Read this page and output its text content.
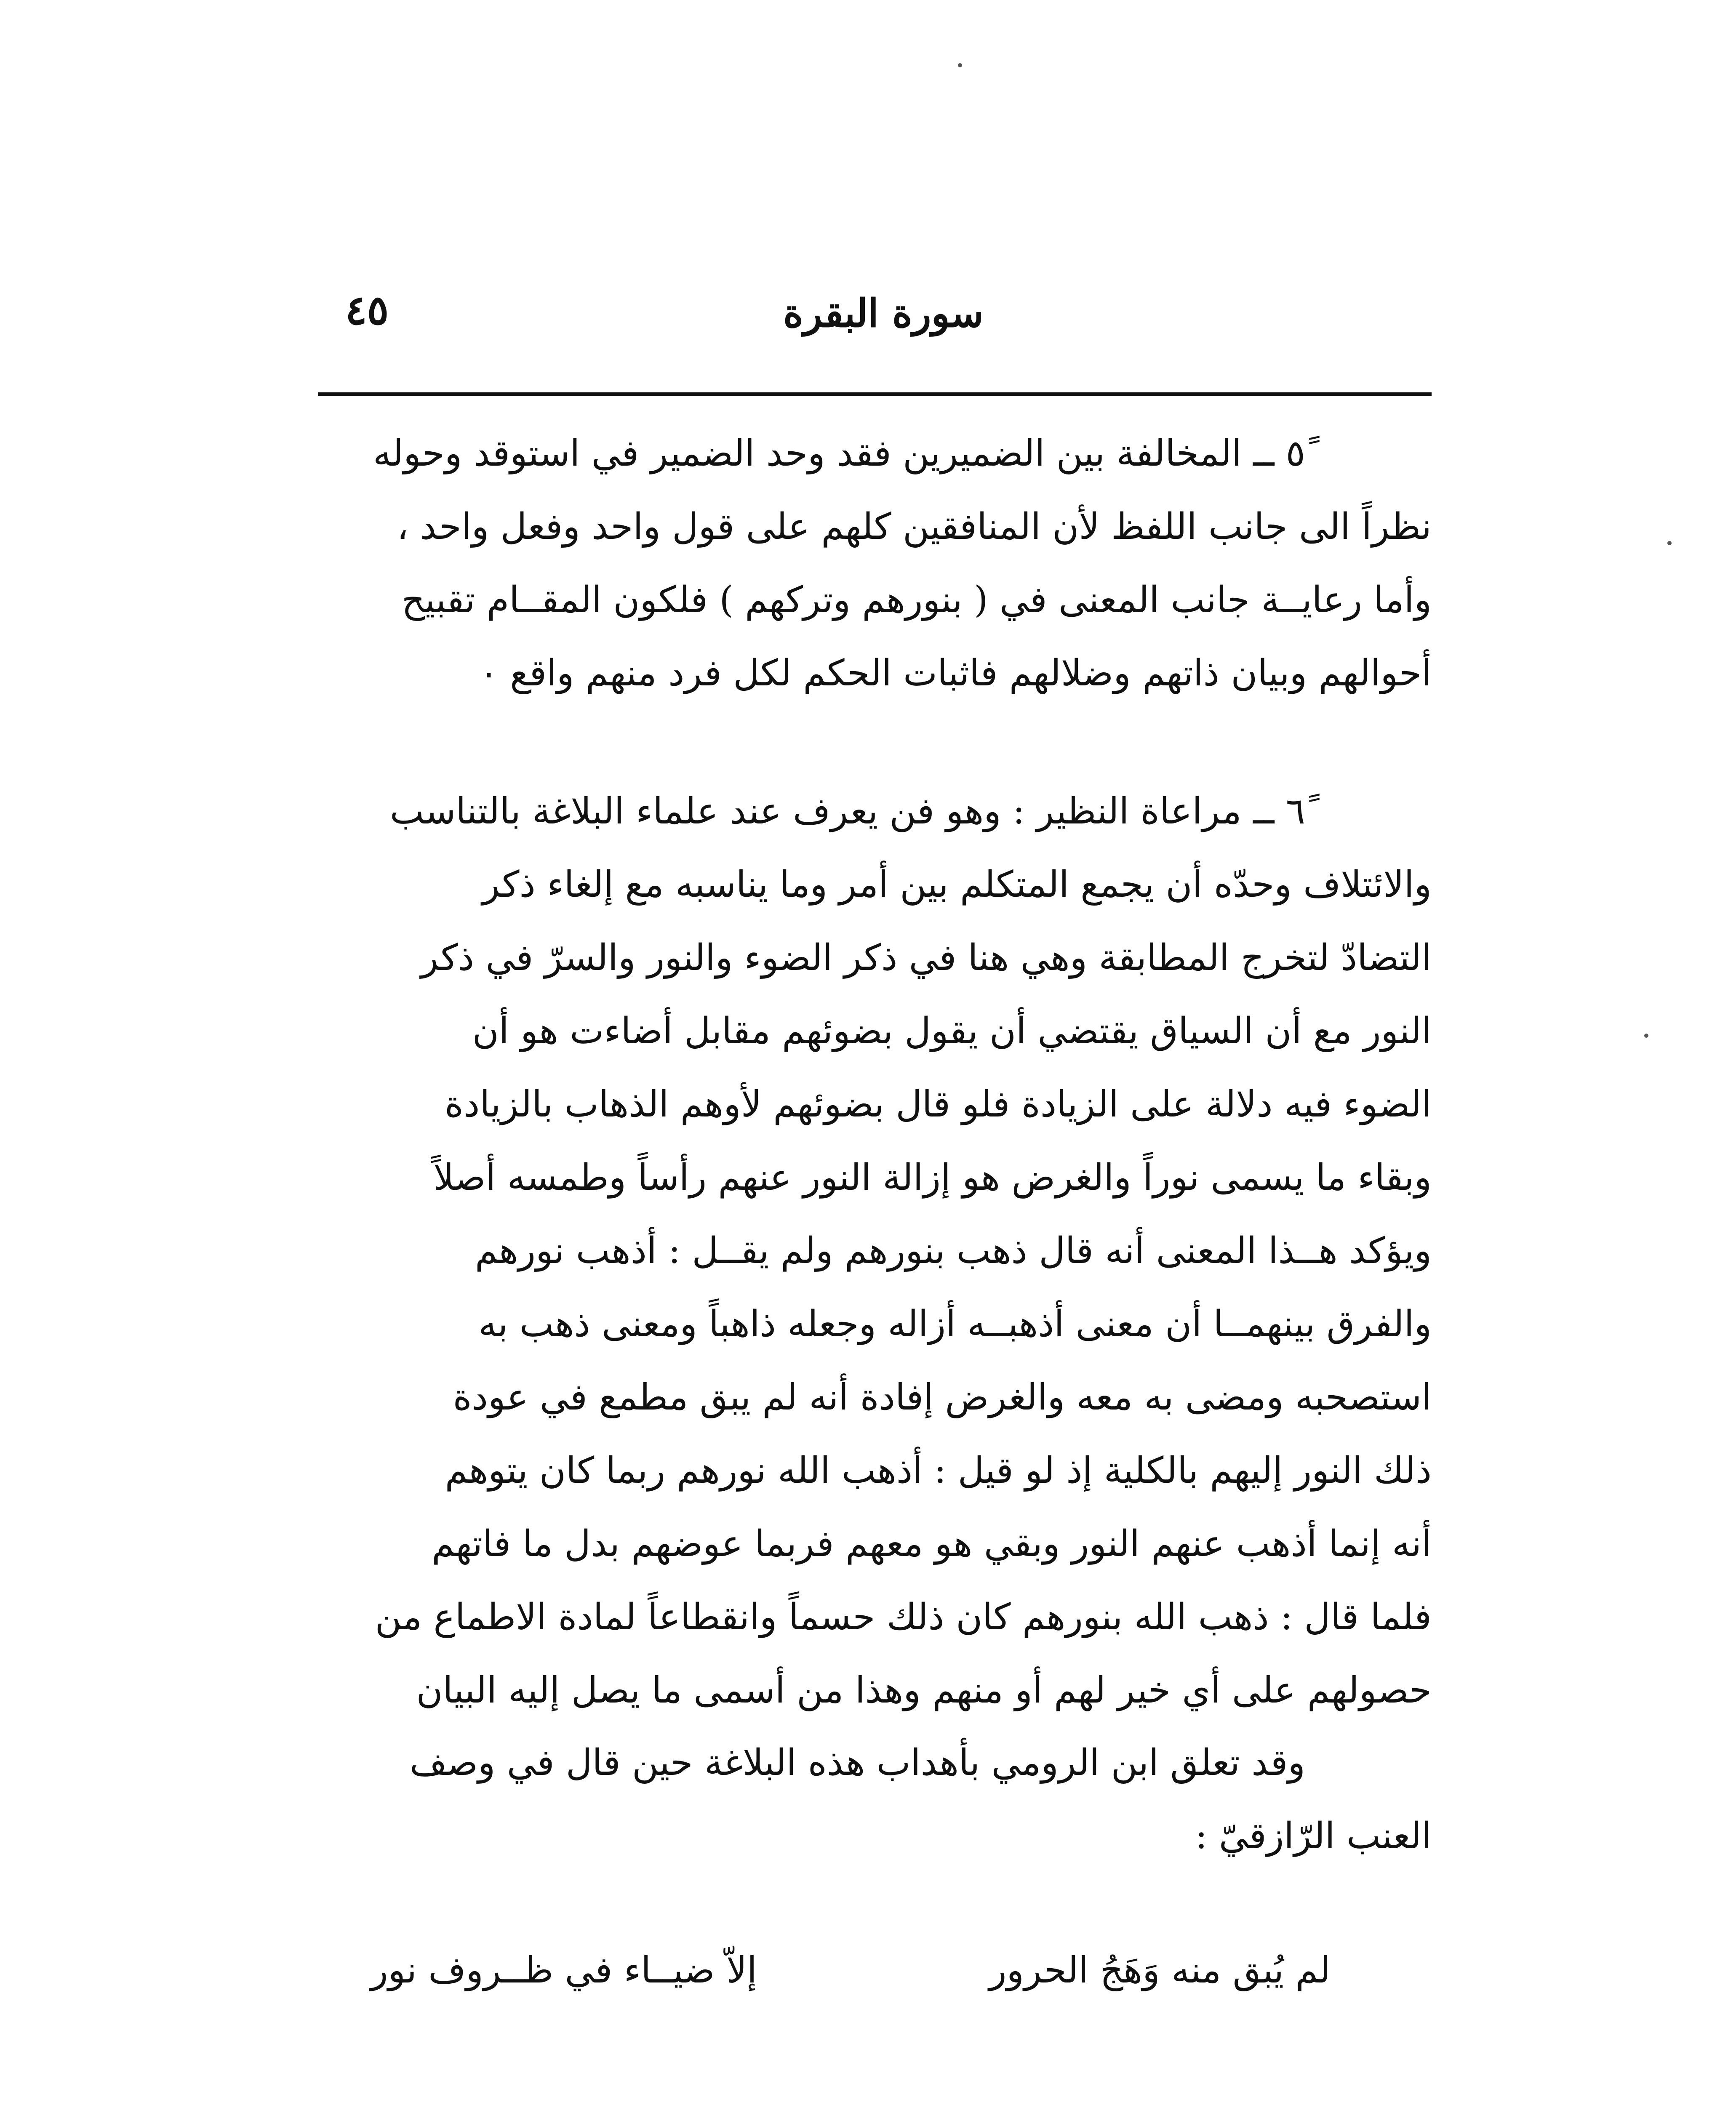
٤٥	سورة البقرة
٥ً ــ المخالفة بين الضميرين فقد وحد الضمير في استوقد وحوله
نظراً الى جانب اللفظ لأن المنافقين كلهم على قول واحد وفعل واحد ،
وأما رعايــة جانب المعنى في ( بنورهم وتركهم ) فلكون المقــام تقبيح
أحوالهم وبيان ذاتهم وضلالهم فاثبات الحكم لكل فرد منهم واقع ٠
٦ً ــ مراعاة النظير : وهو فن يعرف عند علماء البلاغة بالتناسب
والائتلاف وحدّه أن يجمع المتكلم بين أمر وما يناسبه مع إلغاء ذكر
التضادّ لتخرج المطابقة وهي هنا في ذكر الضوء والنور والسرّ في ذكر
النور مع أن السياق يقتضي أن يقول بضوئهم مقابل أضاءت هو أن
الضوء فيه دلالة على الزيادة فلو قال بضوئهم لأوهم الذهاب بالزيادة
وبقاء ما يسمى نوراً والغرض هو إزالة النور عنهم رأساً وطمسه أصلاً
ويؤكد هــذا المعنى أنه قال ذهب بنورهم ولم يقــل : أذهب نورهم
والفرق بينهمــا أن معنى أذهبــه أزاله وجعله ذاهباً ومعنى ذهب به
استصحبه ومضى به معه والغرض إفادة أنه لم يبق مطمع في عودة
ذلك النور إليهم بالكلية إذ لو قيل : أذهب الله نورهم ربما كان يتوهم
أنه إنما أذهب عنهم النور وبقي هو معهم فربما عوضهم بدل ما فاتهم
فلما قال : ذهب الله بنورهم كان ذلك حسماً وانقطاعاً لمادة الاطماع من
حصولهم على أي خير لهم أو منهم وهذا من أسمى ما يصل إليه البيان
وقد تعلق ابن الرومي بأهداب هذه البلاغة حين قال في وصف
العنب الرّازقيّ :
لم يُبق منه وَهَجُ الحرور
إلاّ ضيــاء في ظــروف نور
